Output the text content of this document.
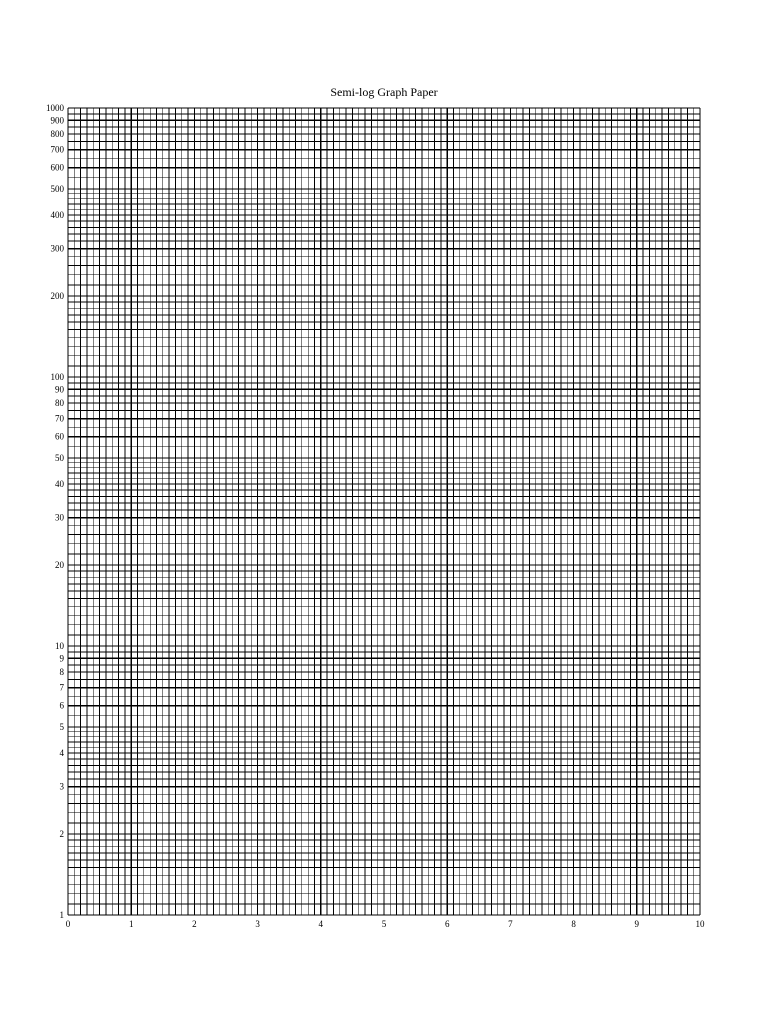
Semi-log Graph Paper
1
2
3
4
5
6
7
8
9
10
20
30
40
50
60
70
80
90
100
200
300
400
500
600
700
800
900
1000
0	1	2	3	4	5	6	7	8	9	10
